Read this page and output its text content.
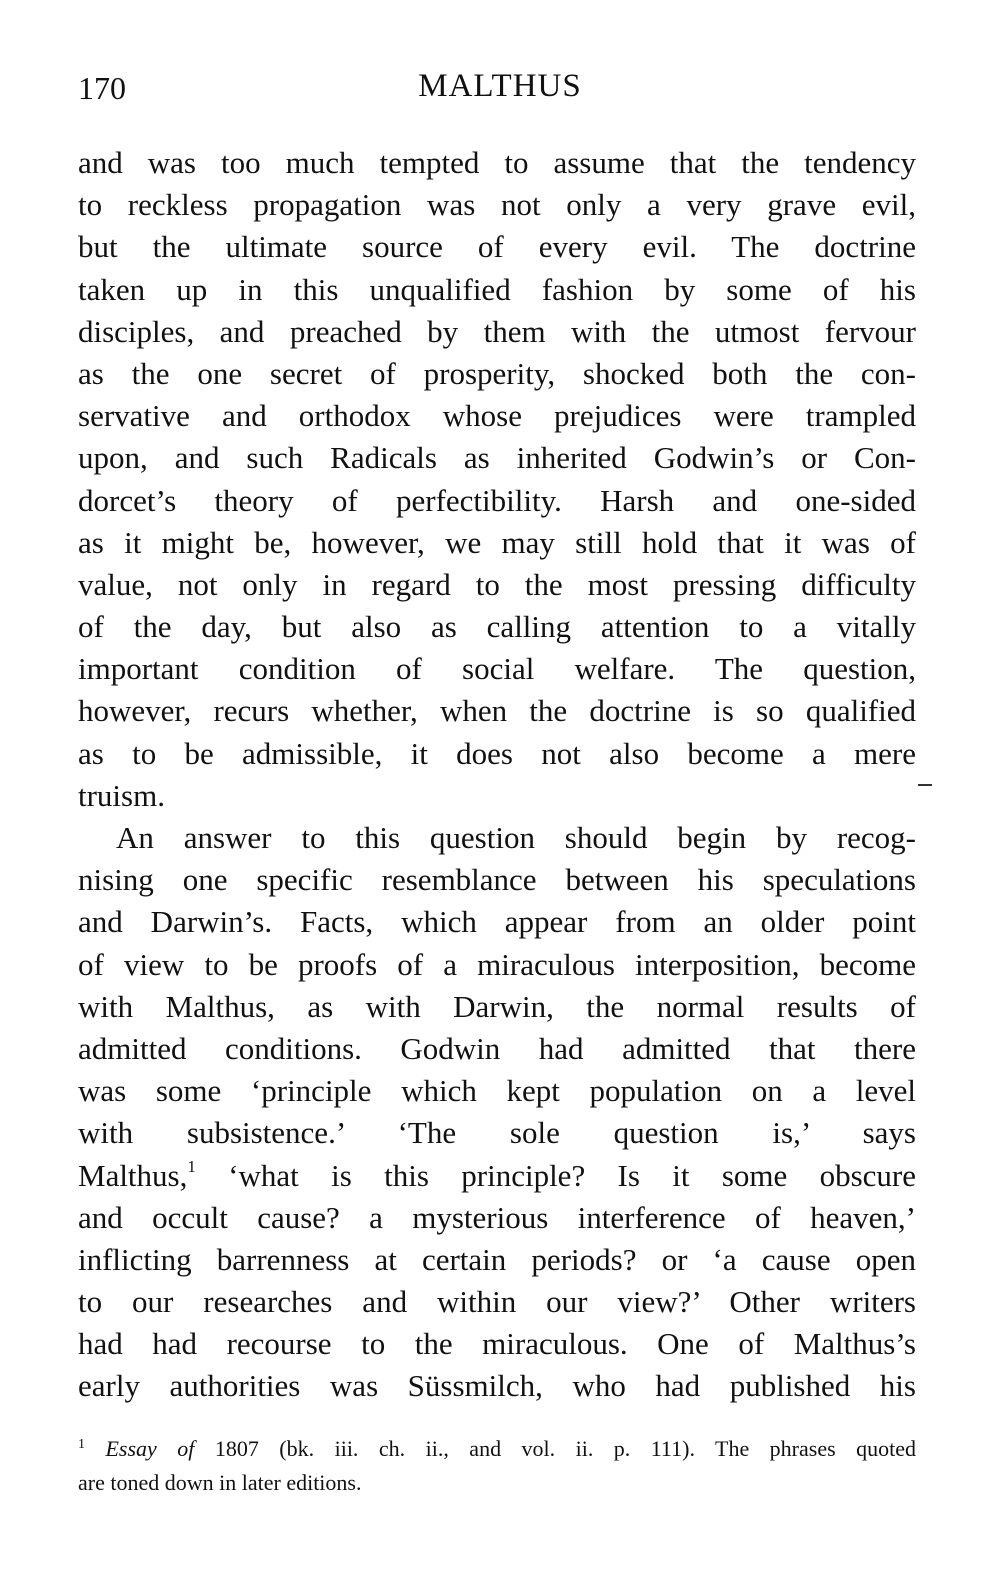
170	MALTHUS
and was too much tempted to assume that the tendency
to reckless propagation was not only a very grave evil,
but the ultimate source of every evil. The doctrine
taken up in this unqualified fashion by some of his
disciples, and preached by them with the utmost fervour
as the one secret of prosperity, shocked both the con-
servative and orthodox whose prejudices were trampled
upon, and such Radicals as inherited Godwin’s or Con-
dorcet’s theory of perfectibility. Harsh and one-sided
as it might be, however, we may still hold that it was of
value, not only in regard to the most pressing difficulty
of the day, but also as calling attention to a vitally
important condition of social welfare. The question,
however, recurs whether, when the doctrine is so qualified
as to be admissible, it does not also become a mere
truism.
An answer to this question should begin by recog-
nising one specific resemblance between his speculations
and Darwin’s. Facts, which appear from an older point
of view to be proofs of a miraculous interposition, become
with Malthus, as with Darwin, the normal results of
admitted conditions. Godwin had admitted that there
was some ‘principle which kept population on a level
with subsistence.’ ‘The sole question is,’ says
Malthus,$^1$ ‘what is this principle? Is it some obscure
and occult cause? a mysterious interference of heaven,’
inflicting barrenness at certain periods? or ‘a cause open
to our researches and within our view?’ Other writers
had had recourse to the miraculous. One of Malthus’s
early authorities was Süssmilch, who had published his
$^1$ Essay of 1807 (bk. iii. ch. ii., and vol. ii. p. 111). The phrases quoted
are toned down in later editions.
